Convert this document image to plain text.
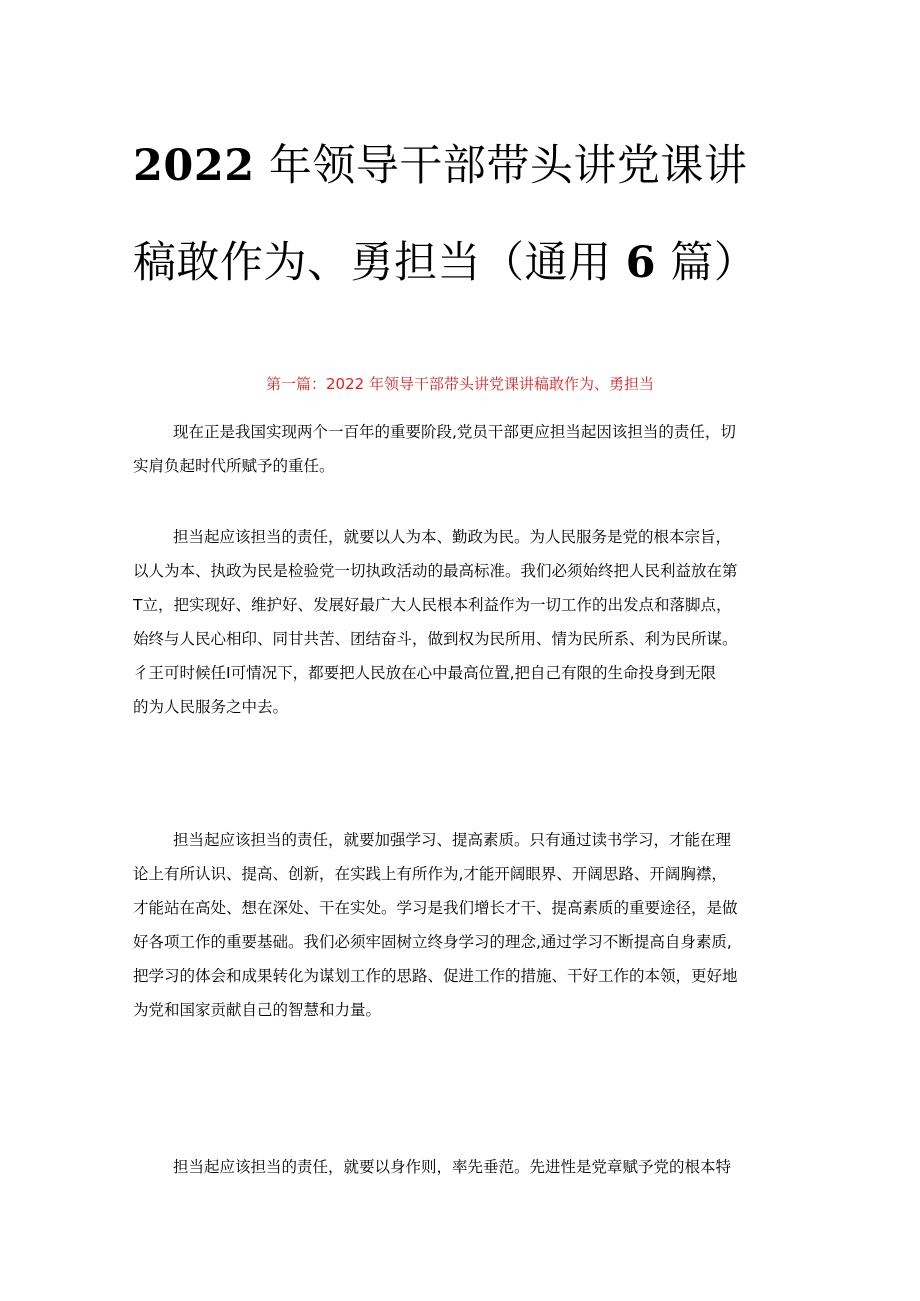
2022 年领导干部带头讲党课讲
稿敢作为、勇担当（通用 6 篇）

第一篇：2022 年领导干部带头讲党课讲稿敢作为、勇担当

现在正是我国实现两个一百年的重要阶段,党员干部更应担当起因该担当的责任，切
实肩负起时代所赋予的重任。
担当起应该担当的责任，就要以人为本、勤政为民。为人民服务是党的根本宗旨，
以人为本、执政为民是检验党一切执政活动的最高标准。我们必须始终把人民利益放在第
T立，把实现好、维护好、发展好最广大人民根本利益作为一切工作的出发点和落脚点，
始终与人民心相印、同甘共苦、团结奋斗，做到权为民所用、情为民所系、利为民所谋。
彳王可时候任I可情况下，都要把人民放在心中最高位置,把自己有限的生命投身到无限
的为人民服务之中去。
担当起应该担当的责任，就要加强学习、提高素质。只有通过读书学习，才能在理
论上有所认识、提高、创新，在实践上有所作为,才能开阔眼界、开阔思路、开阔胸襟，
才能站在高处、想在深处、干在实处。学习是我们增长才干、提高素质的重要途径，是做
好各项工作的重要基础。我们必须牢固树立终身学习的理念,通过学习不断提高自身素质,
把学习的体会和成果转化为谋划工作的思路、促进工作的措施、干好工作的本领，更好地
为党和国家贡献自己的智慧和力量。
担当起应该担当的责任，就要以身作则，率先垂范。先进性是党章赋予党的根本特
